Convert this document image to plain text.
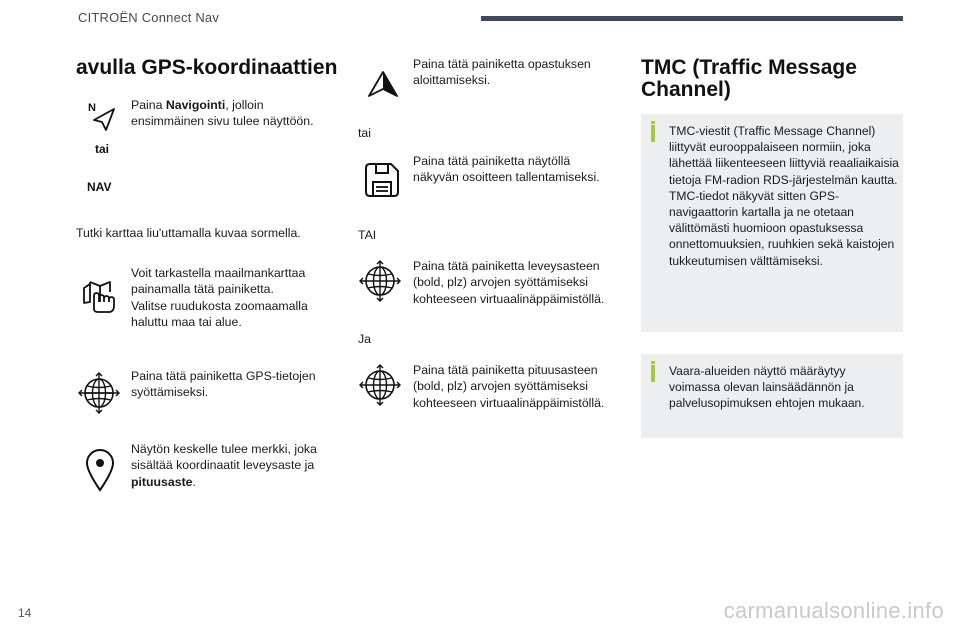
CITROËN Connect Nav
avulla GPS-koordinaattien
N
tai
NAV
Paina Navigointi, jolloin ensimmäinen sivu tulee näyttöön.
Tutki karttaa liu'uttamalla kuvaa sormella.
Voit tarkastella maailmankarttaa painamalla tätä painiketta.
Valitse ruudukosta zoomaamalla haluttu maa tai alue.
Paina tätä painiketta GPS-tietojen syöttämiseksi.
Näytön keskelle tulee merkki, joka sisältää koordinaatit leveysaste ja pituusaste.
Paina tätä painiketta opastuksen aloittamiseksi.
tai
Paina tätä painiketta näytöllä näkyvän osoitteen tallentamiseksi.
TAI
Paina tätä painiketta leveysasteen (bold, plz) arvojen syöttämiseksi kohteeseen virtuaalinäppäimistöllä.
Ja
Paina tätä painiketta pituusasteen (bold, plz) arvojen syöttämiseksi kohteeseen virtuaalinäppäimistöllä.
TMC (Traffic Message Channel)
TMC-viestit (Traffic Message Channel) liittyvät eurooppalaiseen normiin, joka lähettää liikenteeseen liittyviä reaaliaikaisia tietoja FM-radion RDS-järjestelmän kautta.
TMC-tiedot näkyvät sitten GPS-navigaattorin kartalla ja ne otetaan välittömästi huomioon opastuksessa onnettomuuksien, ruuhkien sekä kaistojen tukkeutumisen välttämiseksi.
Vaara-alueiden näyttö määräytyy voimassa olevan lainsäädännön ja palvelusopimuksen ehtojen mukaan.
14	carmanualsonline.info
